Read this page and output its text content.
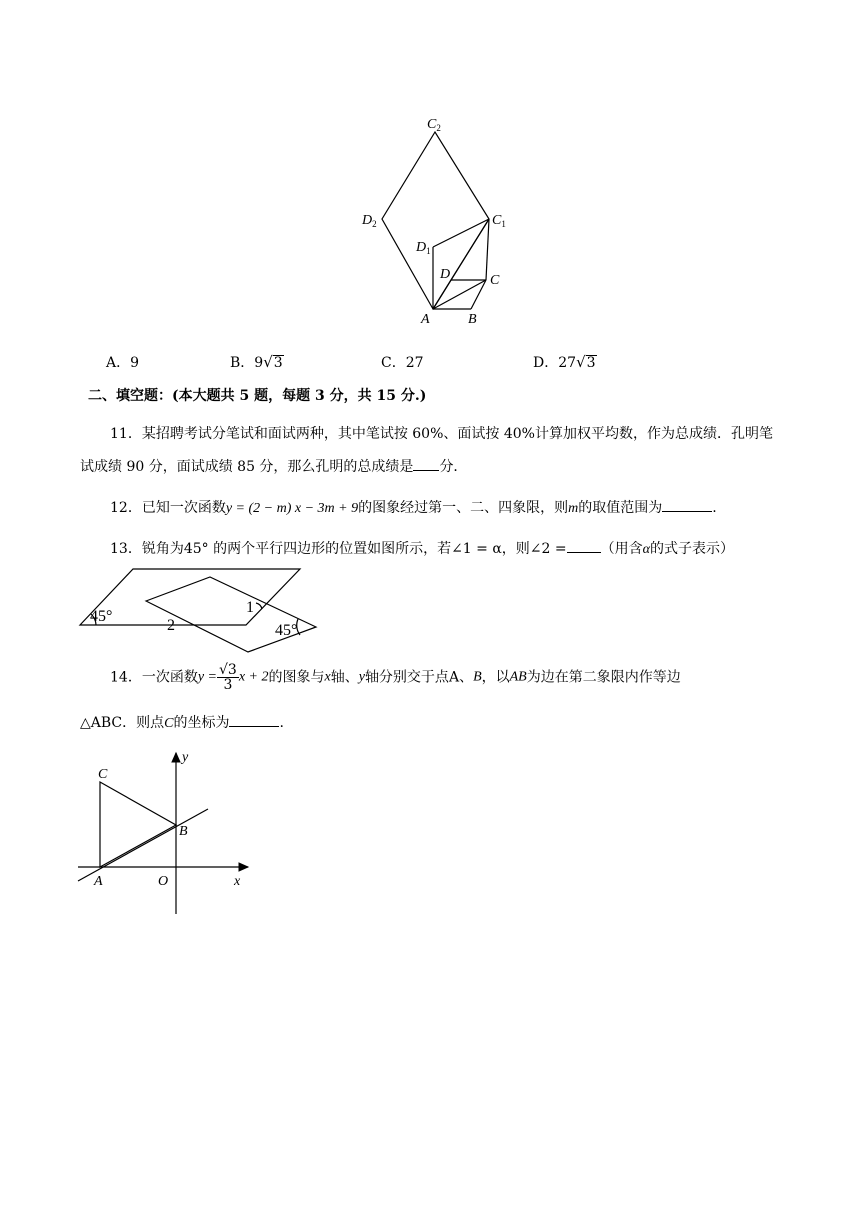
$C_2$
$D_2$	$C_1$
$D_1$
D	C
A	B
A．9	B．9√3	C．27	D．27√3
二、填空题：(本大题共 5 题，每题 3 分，共 15 分.)
11．某招聘考试分笔试和面试两种，其中笔试按 60%、面试按 40%计算加权平均数，作为总成绩．孔明笔
试成绩 90 分，面试成绩 85 分，那么孔明的总成绩是 分．
12．已知一次函数y = (2 − m) x − 3m + 9的图象经过第一、二、四象限，则m的取值范围为	.
13．锐角为45° 的两个平行四边形的位置如图所示，若∠1 = α，则∠2 = （用含α的式子表示）
45°
45°
1
2
14．一次函数$y = \frac{√3}{3}$ x + 2的图象与x轴、y轴分别交于点A、B，以AB为边在第二象限内作等边
△ABC．则点C的坐标为	.
C
B
A	O	x
y
